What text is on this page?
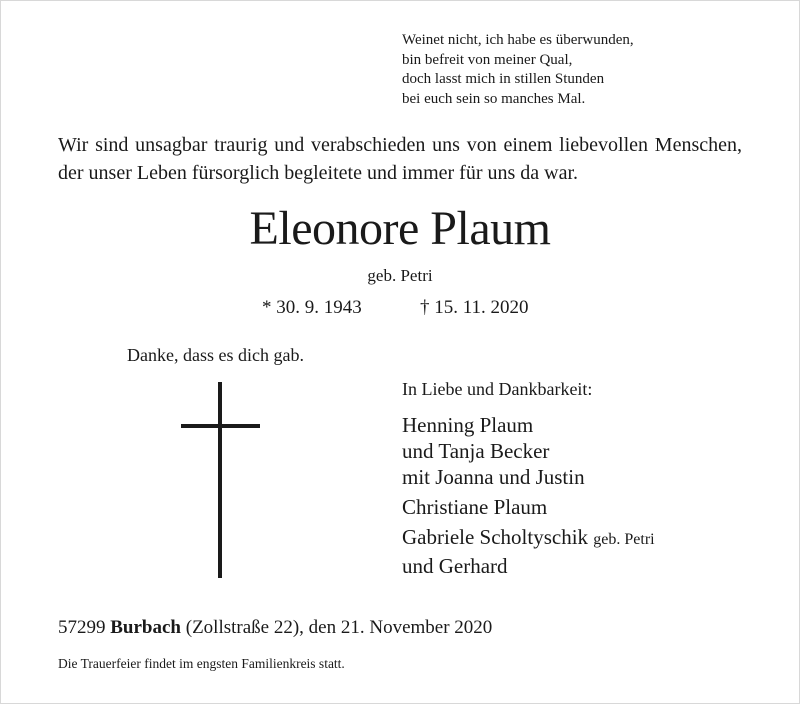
Weinet nicht, ich habe es überwunden,
bin befreit von meiner Qual,
doch lasst mich in stillen Stunden
bei euch sein so manches Mal.
Wir sind unsagbar traurig und verabschieden uns von einem liebevollen Menschen, der unser Leben fürsorglich begleitete und immer für uns da war.
Eleonore Plaum
geb. Petri
* 30. 9. 1943	† 15. 11. 2020
Danke, dass es dich gab.
In Liebe und Dankbarkeit:
Henning Plaum
und Tanja Becker
mit Joanna und Justin
Christiane Plaum
Gabriele Scholtyschik geb. Petri
und Gerhard
57299 Burbach (Zollstraße 22), den 21. November 2020
Die Trauerfeier findet im engsten Familienkreis statt.
